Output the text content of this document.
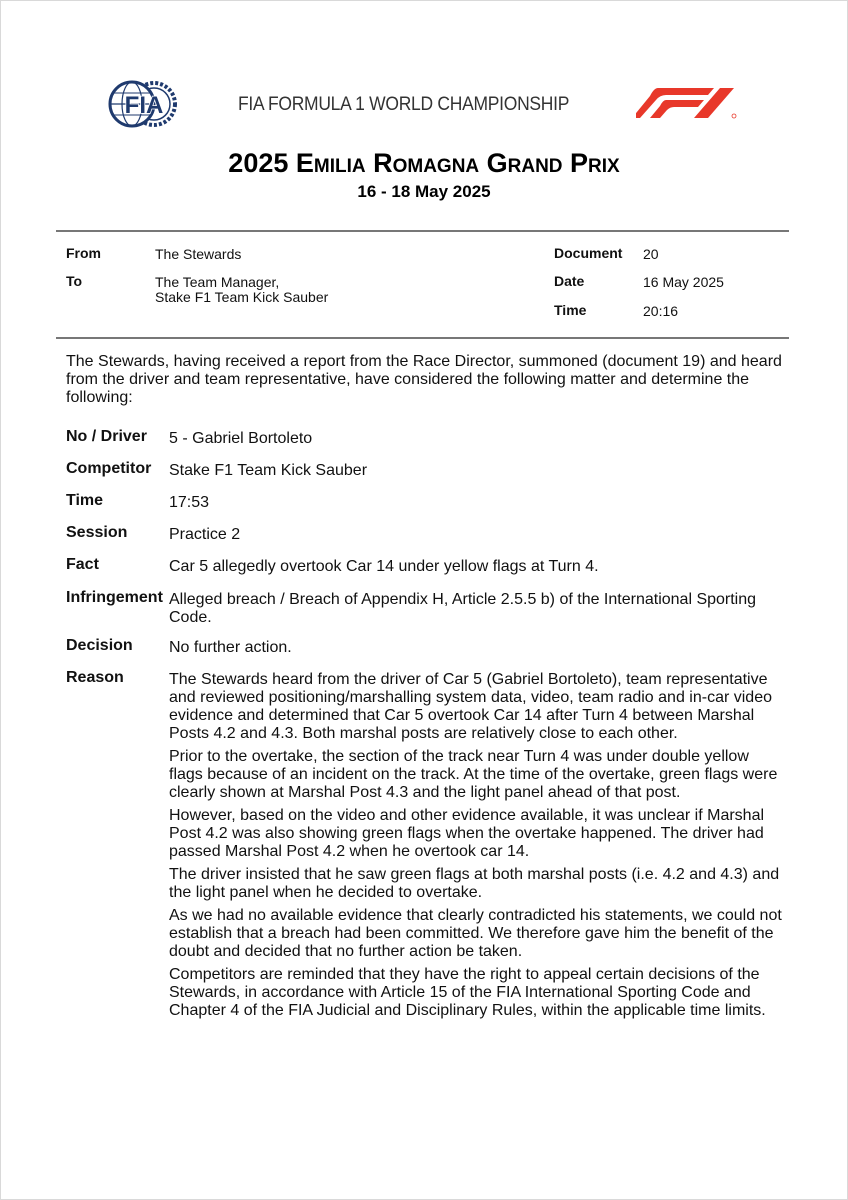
FIA	FIA FORMULA 1 WORLD CHAMPIONSHIP
2025 Emilia Romagna Grand Prix
16 - 18 May 2025
From	The Stewards
To	The Team Manager,
Stake F1 Team Kick Sauber
Document 20
Date	16 May 2025
Time	20:16
The Stewards, having received a report from the Race Director, summoned (document 19) and heard from the driver and team representative, have considered the following matter and determine the following:
No / Driver 5 - Gabriel Bortoleto
Competitor Stake F1 Team Kick Sauber
Time	17:53
Session	Practice 2
Fact	Car 5 allegedly overtook Car 14 under yellow flags at Turn 4.
Infringement Alleged breach / Breach of Appendix H, Article 2.5.5 b) of the International Sporting Code.
Decision No further action.
Reason	The Stewards heard from the driver of Car 5 (Gabriel Bortoleto), team representative and reviewed positioning/marshalling system data, video, team radio and in-car video evidence and determined that Car 5 overtook Car 14 after Turn 4 between Marshal Posts 4.2 and 4.3. Both marshal posts are relatively close to each other.

Prior to the overtake, the section of the track near Turn 4 was under double yellow flags because of an incident on the track. At the time of the overtake, green flags were clearly shown at Marshal Post 4.3 and the light panel ahead of that post.

However, based on the video and other evidence available, it was unclear if Marshal Post 4.2 was also showing green flags when the overtake happened. The driver had passed Marshal Post 4.2 when he overtook car 14.

The driver insisted that he saw green flags at both marshal posts (i.e. 4.2 and 4.3) and the light panel when he decided to overtake.

As we had no available evidence that clearly contradicted his statements, we could not establish that a breach had been committed. We therefore gave him the benefit of the doubt and decided that no further action be taken.

Competitors are reminded that they have the right to appeal certain decisions of the Stewards, in accordance with Article 15 of the FIA International Sporting Code and Chapter 4 of the FIA Judicial and Disciplinary Rules, within the applicable time limits.
